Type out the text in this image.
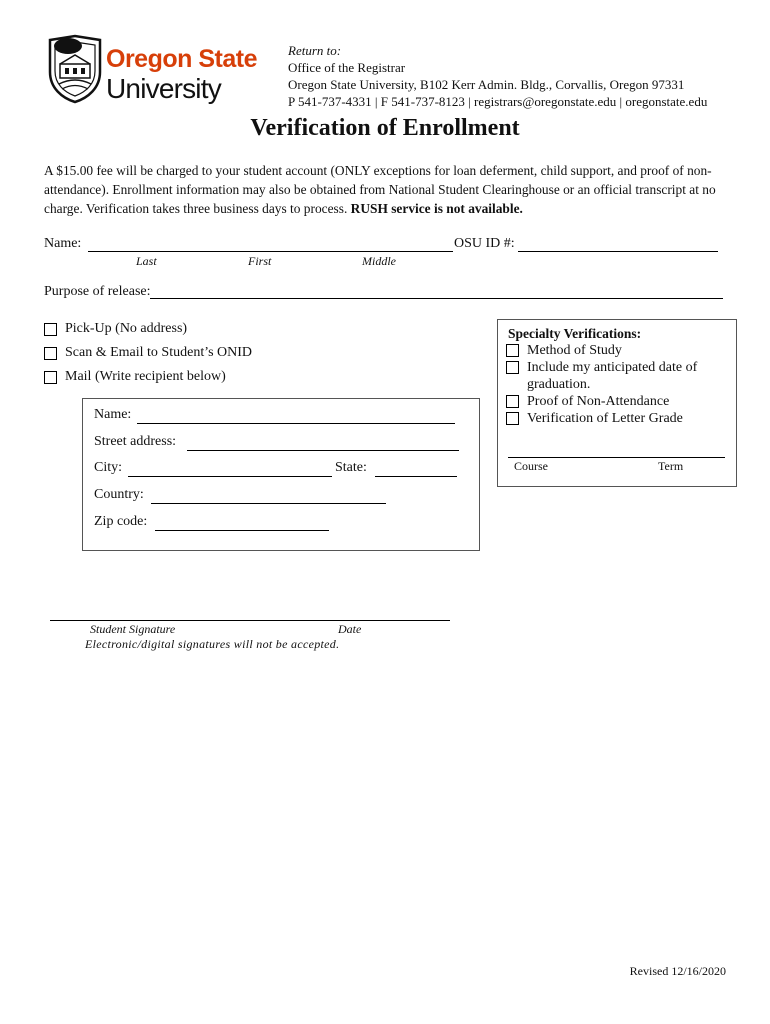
Oregon State
University
Return to:
Office of the Registrar
Oregon State University, B102 Kerr Admin. Bldg., Corvallis, Oregon 97331
P 541-737-4331 | F 541-737-8123 | registrars@oregonstate.edu | oregonstate.edu
Verification of Enrollment
A $15.00 fee will be charged to your student account (ONLY exceptions for loan deferment, child support, and proof of non-attendance). Enrollment information may also be obtained from National Student Clearinghouse or an official transcript at no charge. Verification takes three business days to process. RUSH service is not available.
Name:	OSU ID #:
Last	First	Middle
Purpose of release:
Pick-Up (No address)
Scan & Email to Student’s ONID
Mail (Write recipient below)
Name:
Street address:
City:	State:
Country:
Zip code:
Specialty Verifications:
Method of Study
Include my anticipated date of graduation.
Proof of Non-Attendance
Verification of Letter Grade
Course	Term
Student Signature	Date
Electronic/digital signatures will not be accepted.
Revised 12/16/2020
